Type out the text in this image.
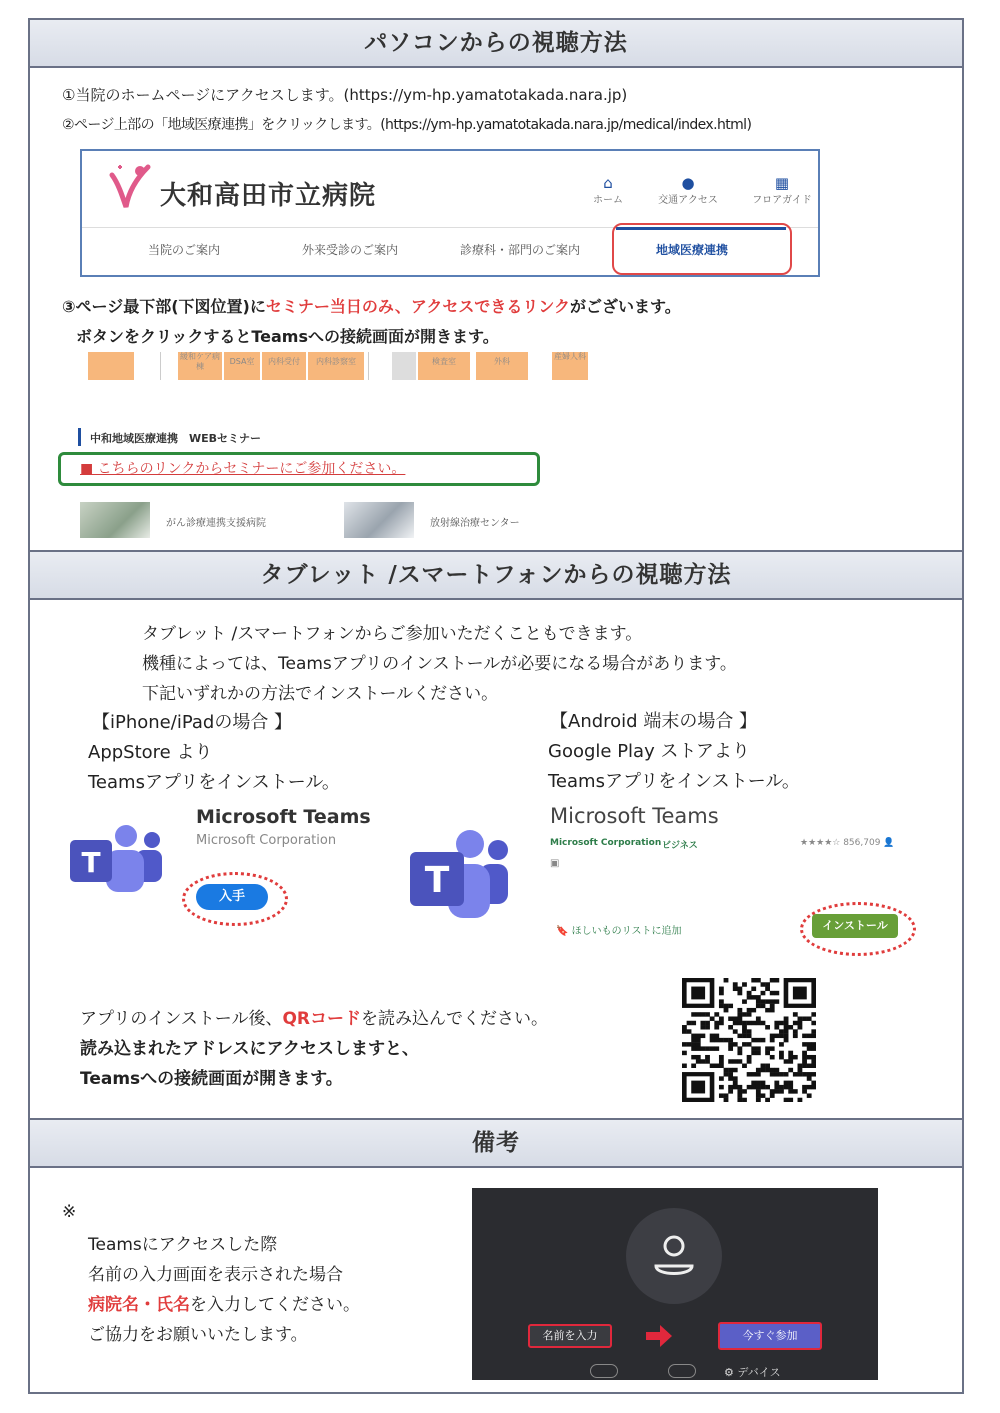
パソコンからの視聴方法
①当院のホームページにアクセスします。(https://ym-hp.yamatotakada.nara.jp)
②ページ上部の「地域医療連携」をクリックします。(https://ym-hp.yamatotakada.nara.jp/medical/index.html)
大和高田市立病院	⌂
ホーム
●
交通アクセス
▦
フロアガイド
当院のご案内	外来受診のご案内	診療科・部門のご案内	地域医療連携
③ページ最下部(下図位置)にセミナー当日のみ、アクセスできるリンクがございます。
ボタンをクリックするとTeamsへの接続画面が開きます。
緩和ケア病棟
DSA室	内科受付	内科診察室	検査室	外科
産婦人科
中和地域医療連携　WEBセミナー
■ こちらのリンクからセミナーにご参加ください。
がん診療連携支援病院	放射線治療センター
タブレット /スマートフォンからの視聴方法
タブレット /スマートフォンからご参加いただくこともできます。
機種によっては、Teamsアプリのインストールが必要になる場合があります。
下記いずれかの方法でインストールください。
【iPhone/iPadの場合 】
AppStore より
Teamsアプリをインストール。
【Android 端末の場合 】
Google Play ストアより
Teamsアプリをインストール。
T
Microsoft Teams
Microsoft Corporation
入手	T
Microsoft Teams
Microsoft Corporation ビジネス	★★★★☆ 856,709 👤
▣
🔖 ほしいものリストに追加	インストール
アプリのインストール後、QRコードを読み込んでください。
読み込まれたアドレスにアクセスしますと、
Teamsへの接続画面が開きます。
備考
※
Teamsにアクセスした際
名前の入力画面を表示された場合
病院名・氏名を入力してください。
ご協力をお願いいたします。	名前を入力	今すぐ参加
⚙ デバイス
